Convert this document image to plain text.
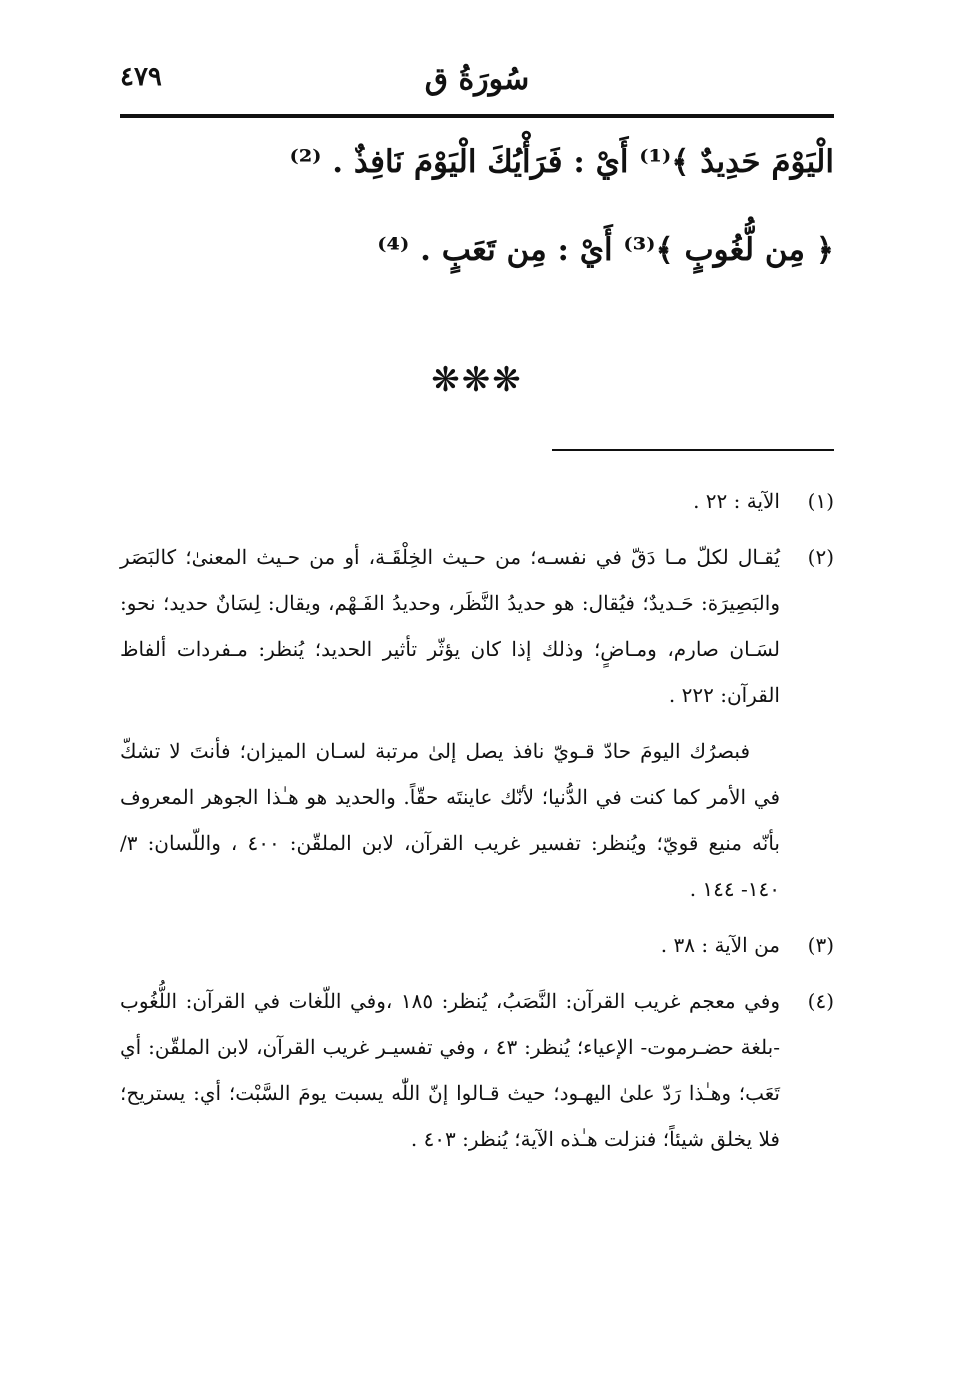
سُورَةُ ق
٤٧٩
الْيَوْمَ حَدِيدٌ ﴾⁽¹⁾ أَيْ : فَرَأْيُكَ الْيَوْمَ نَافِذٌ . ⁽²⁾
﴿ مِن لُّغُوبٍ ﴾⁽³⁾ أَيْ : مِن تَعَبٍ . ⁽⁴⁾
❋❋❋
(١)

الآية : ٢٢ .

(٢)

يُقـال لكلّ مـا دَقّ في نفسـه؛ من حـيث الخِلْقَـة، أو من حـيث المعنىٰ؛ كالبَصَر والبَصِيرَة: حَـديدٌ؛ فيُقال: هو حديدُ النَّظَر، وحديدُ الفَـهْم، ويقال: لِسَانٌ حديد؛ نحو: لسَـان صارم، ومـاضٍ؛ وذلك إذا كان يؤثّر تأثير الحديد؛ يُنظر: مـفردات ألفاظ القرآن: ٢٢٢ .

فبصرُك اليومَ حادّ قـويّ نافذ يصل إلىٰ مرتبة لسـان الميزان؛ فأنتَ لا تشكّ في الأمر كما كنت في الدُّنيا؛ لأنّك عاينتَه حقّاً. والحديد هو هـٰذا الجوهر المعروف بأنّه منيع قويّ؛ ويُنظر: تفسير غريب القرآن، لابن الملقّن: ٤٠٠ ، واللّسان: ٣/ ١٤٠- ١٤٤ .

(٣)

من الآية : ٣٨ .

(٤)

وفي معجم غريب القرآن: النَّصَبُ، يُنظر: ١٨٥ ،وفي اللّغات في القرآن: اللُّغُوب -بلغة حضـرموت- الإعياء؛ يُنظر: ٤٣ ، وفي تفسيـر غريب القرآن، لابن الملقّن: أي تَعَب؛ وهـٰذا رَدّ علىٰ اليهـود؛ حيث قـالوا إنّ اللّٰه يسبت يومَ السَّبْت؛ أي: يستريح؛ فلا يخلق شيئاً؛ فنزلت هـٰذه الآية؛ يُنظر: ٤٠٣ .
